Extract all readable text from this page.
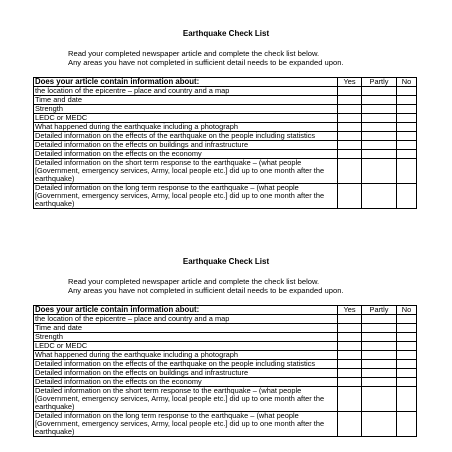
Earthquake Check List

Read your completed newspaper article and complete the check list below.

Any areas you have not completed in sufficient detail needs to be expanded upon.

Does your article contain information about:	Yes	Partly	No
the location of the epicentre – place and country and a map			
Time and date			
Strength			
LEDC or MEDC			
What happened during the earthquake including a photograph			
Detailed information on the effects of the earthquake on the people including statistics			
Detailed information on the effects on buildings and infrastructure			
Detailed information on the effects on the economy			
Detailed information on the short term response to the earthquake – (what people [Government, emergency services, Army, local people etc.] did up to one month after the earthquake)			
Detailed information on the long term response to the earthquake – (what people [Government, emergency services, Army, local people etc.] did up to one month after the earthquake)			
Earthquake Check List

Read your completed newspaper article and complete the check list below.

Any areas you have not completed in sufficient detail needs to be expanded upon.

Does your article contain information about:	Yes	Partly	No
the location of the epicentre – place and country and a map			
Time and date			
Strength			
LEDC or MEDC			
What happened during the earthquake including a photograph			
Detailed information on the effects of the earthquake on the people including statistics			
Detailed information on the effects on buildings and infrastructure			
Detailed information on the effects on the economy			
Detailed information on the short term response to the earthquake – (what people [Government, emergency services, Army, local people etc.] did up to one month after the earthquake)			
Detailed information on the long term response to the earthquake – (what people [Government, emergency services, Army, local people etc.] did up to one month after the earthquake)			
